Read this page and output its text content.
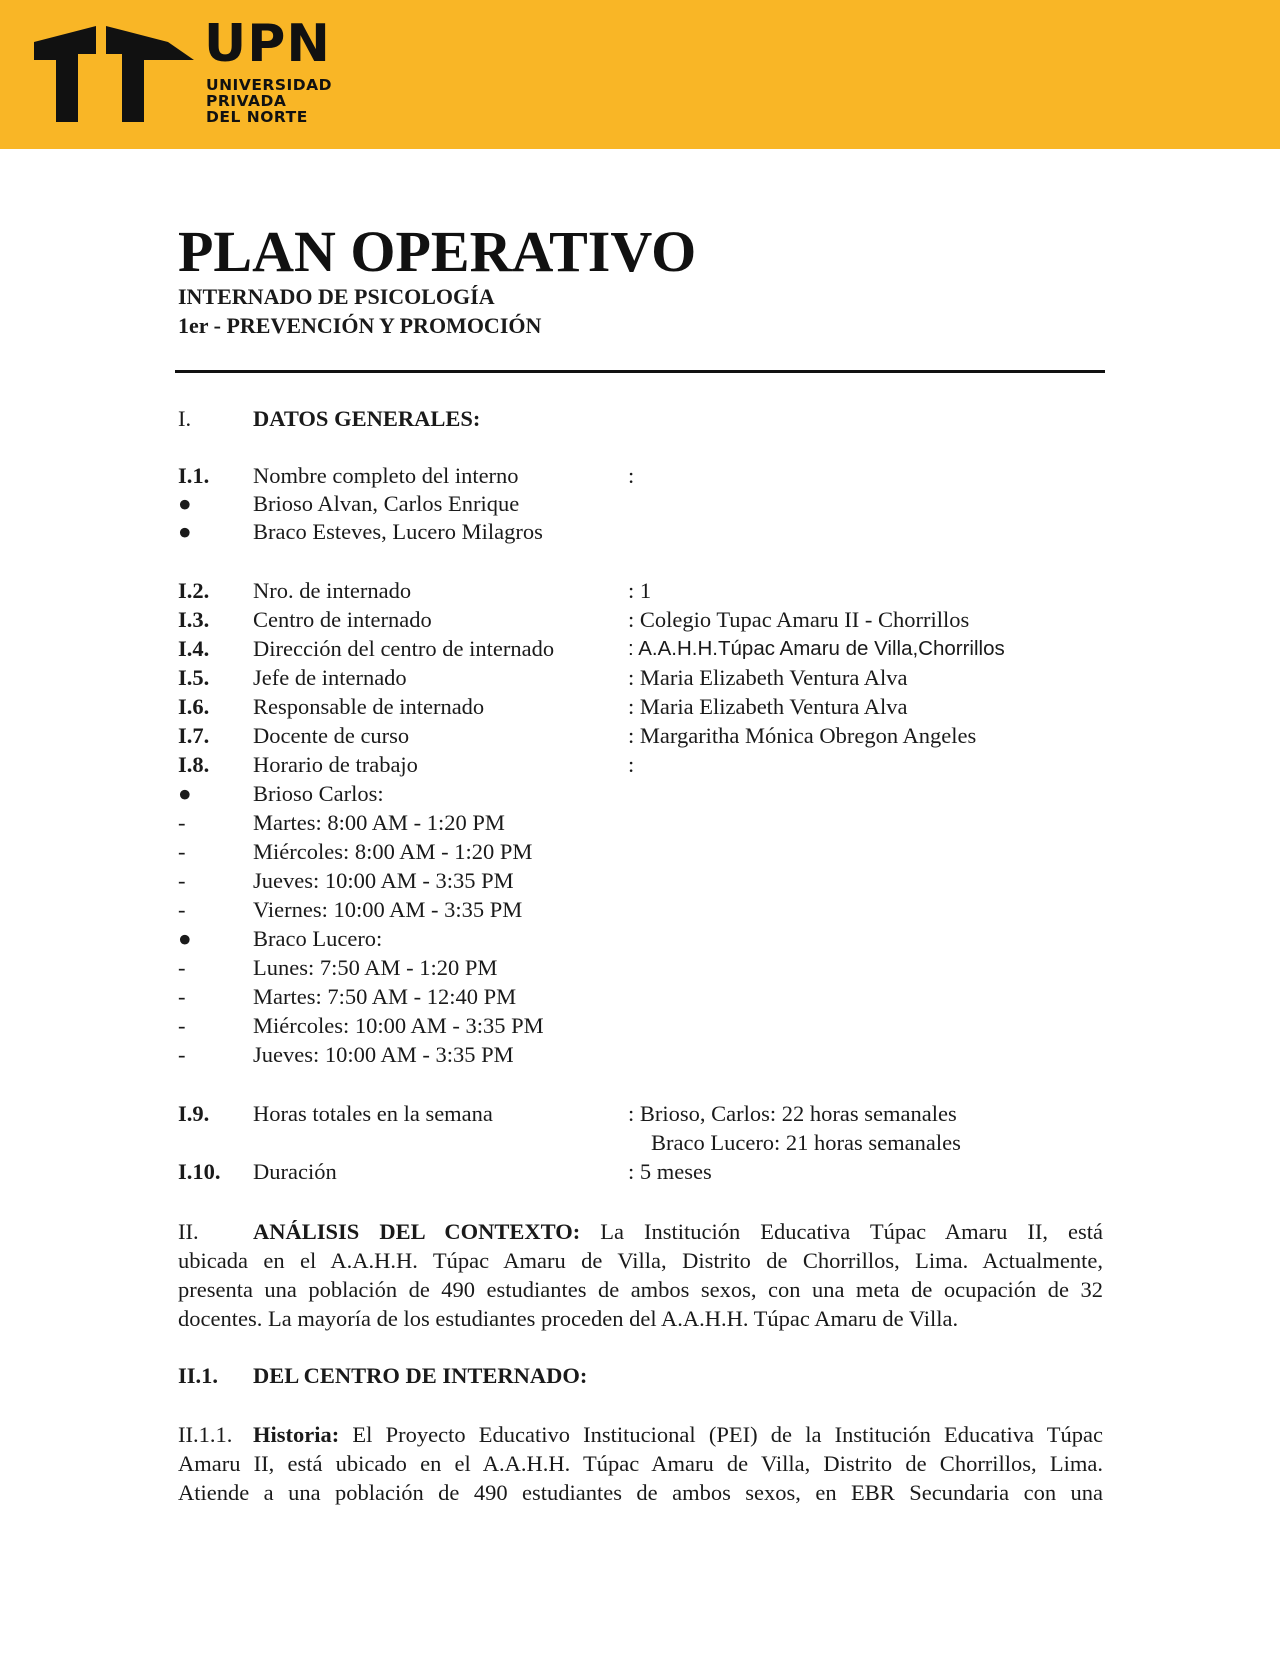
UPN
UNIVERSIDAD
PRIVADA
DEL NORTE
PLAN OPERATIVO

INTERNADO DE PSICOLOGÍA

1er - PREVENCIÓN Y PROMOCIÓN

I.	DATOS GENERALES:
I.1. Nombre completo del interno	:
●	Brioso Alvan, Carlos Enrique
●	Braco Esteves, Lucero Milagros
I.2. Nro. de internado	: 1
I.3. Centro de internado	: Colegio Tupac Amaru II - Chorrillos
I.4. Dirección del centro de internado	: A.A.H.H.Túpac Amaru de Villa,Chorrillos
I.5. Jefe de internado	: Maria Elizabeth Ventura Alva
I.6. Responsable de internado	: Maria Elizabeth Ventura Alva
I.7. Docente de curso	: Margaritha Mónica Obregon Angeles
I.8. Horario de trabajo	:
●	Brioso Carlos:
-	Martes: 8:00 AM - 1:20 PM
-	Miércoles: 8:00 AM - 1:20 PM
-	Jueves: 10:00 AM - 3:35 PM
-	Viernes: 10:00 AM - 3:35 PM
●	Braco Lucero:
-	Lunes: 7:50 AM - 1:20 PM
-	Martes: 7:50 AM - 12:40 PM
-	Miércoles: 10:00 AM - 3:35 PM
-	Jueves: 10:00 AM - 3:35 PM
I.9. Horas totales en la semana	: Brioso, Carlos: 22 horas semanales
Braco Lucero: 21 horas semanales
I.10. Duración	: 5 meses

II. ANÁLISIS DEL CONTEXTO: La Institución Educativa Túpac Amaru II, está

ubicada en el A.A.H.H. Túpac Amaru de Villa, Distrito de Chorrillos, Lima. Actualmente,

presenta una población de 490 estudiantes de ambos sexos, con una meta de ocupación de 32

docentes. La mayoría de los estudiantes proceden del A.A.H.H. Túpac Amaru de Villa.

II.1. DEL CENTRO DE INTERNADO:

II.1.1. Historia: El Proyecto Educativo Institucional (PEI) de la Institución Educativa Túpac

Amaru II, está ubicado en el A.A.H.H. Túpac Amaru de Villa, Distrito de Chorrillos, Lima.

Atiende a una población de 490 estudiantes de ambos sexos, en EBR Secundaria con una
